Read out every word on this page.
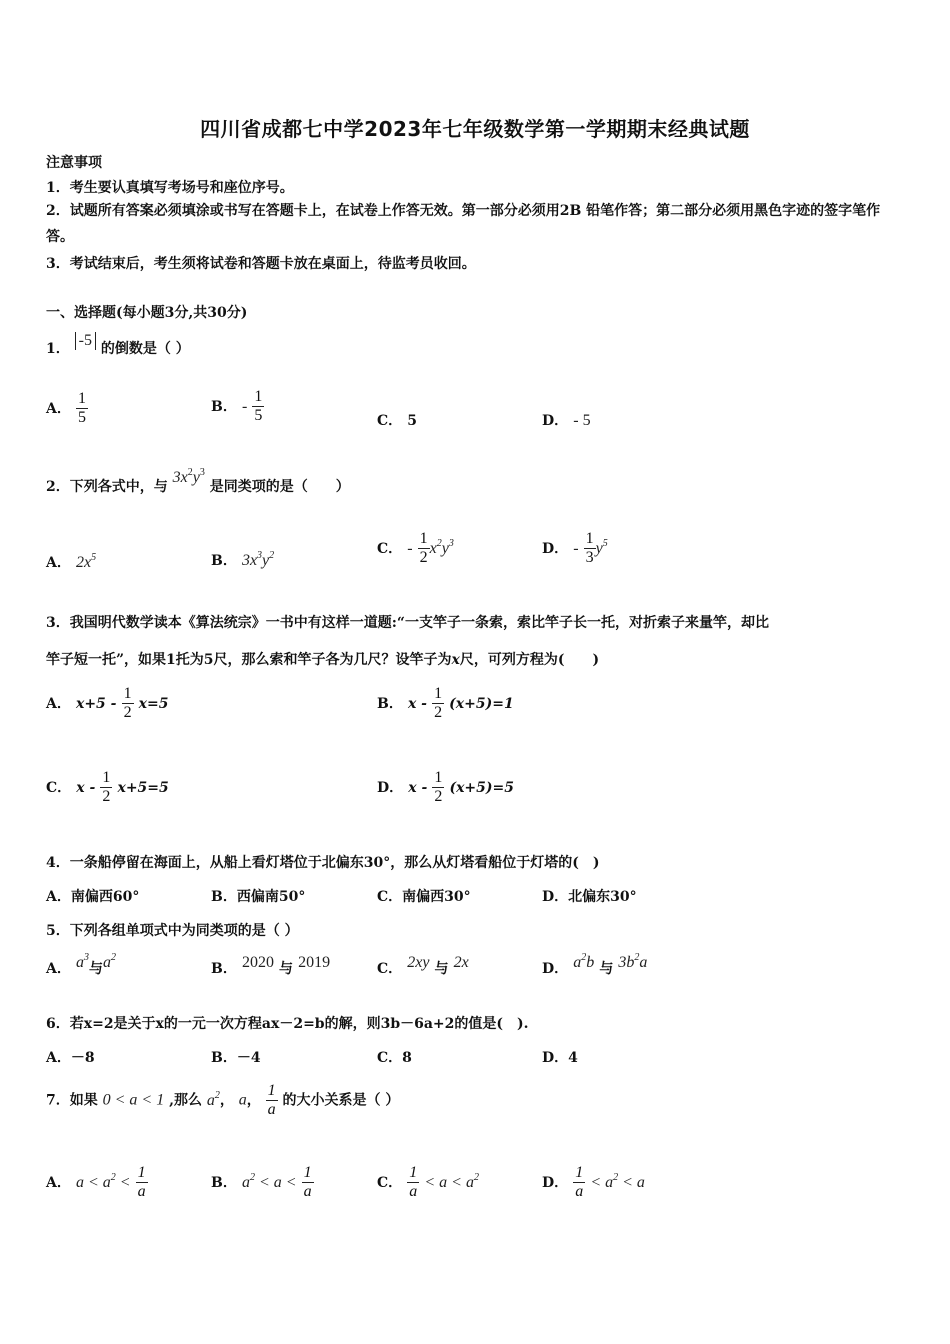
四川省成都七中学2023年七年级数学第一学期期末经典试题
注意事项
1．考生要认真填写考场号和座位序号。
2．试题所有答案必须填涂或书写在答题卡上，在试卷上作答无效。第一部分必须用2B 铅笔作答；第二部分必须用黑色字迹的签字笔作答。
3．考试结束后，考生须将试卷和答题卡放在桌面上，待监考员收回。
一、选择题(每小题3分,共30分)
1． -5 的倒数是（ ）
A． $\frac{1}{5}$	B． - $\frac{1}{5}$	C． 5	D． - 5
2．下列各式中，与 $3x^2y^3$ 是同类项的是（　　）
A． $2x^5$	B． $3x^3y^2$	C． - $\frac{1}{2} x^2y^3$	D． - $\frac{1}{3} y^5$
3．我国明代数学读本《算法统宗》一书中有这样一道题:“一支竿子一条索，索比竿子长一托，对折索子来量竿，却比
竿子短一托”，如果1托为5尺，那么索和竿子各为几尺？设竿子为x尺，可列方程为(　　)
A． $x+5 - \frac{1}{2} x=5$	B． $x - \frac{1}{2} (x+5)=1$
C． $x - \frac{1}{2} x+5=5$	D． $x - \frac{1}{2} (x+5)=5$
4．一条船停留在海面上，从船上看灯塔位于北偏东30°，那么从灯塔看船位于灯塔的(　)
A．南偏西60°	B．西偏南50°	C．南偏西30°	D．北偏东30°
5．下列各组单项式中为同类项的是（ ）
A． $a^3$与$a^2$
B． 2020 与 2019	C． 2xy 与 2x	D． $a^2b$ 与 $3b^2a$
6．若x=2是关于x的一元一次方程ax－2=b的解，则3b－6a+2的值是(　).
A．－8	B．－4	C．8	D．4
7．如果 0 < a < 1 ,那么 $a^2$， a， $\frac{1}{a}$ 的大小关系是（ ）
A． $a < a^2 < \frac{1}{a}$	B． $a^2 < a < \frac{1}{a}$	C． $\frac{1}{a} < a < a^2$	D． $\frac{1}{a} < a^2 < a$
